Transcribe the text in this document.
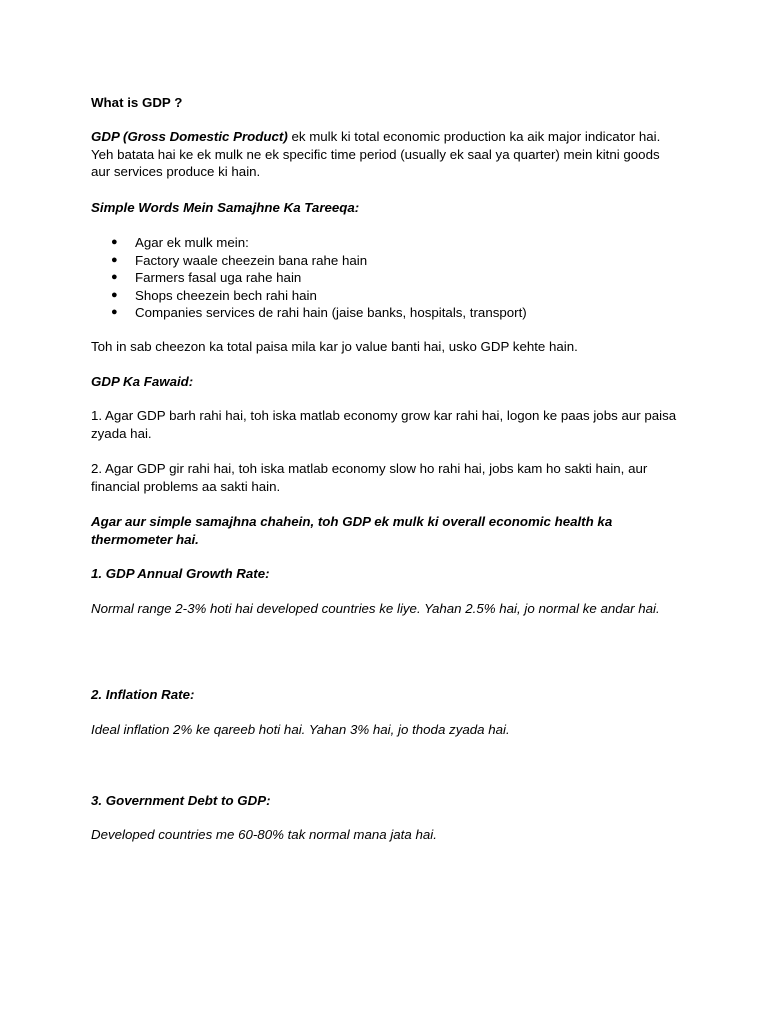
What is GDP ?

GDP (Gross Domestic Product) ek mulk ki total economic production ka aik major indicator hai. Yeh batata hai ke ek mulk ne ek specific time period (usually ek saal ya quarter) mein kitni goods aur services produce ki hain.

Simple Words Mein Samajhne Ka Tareeqa:

● Agar ek mulk mein:
● Factory waale cheezein bana rahe hain
● Farmers fasal uga rahe hain
● Shops cheezein bech rahi hain
● Companies services de rahi hain (jaise banks, hospitals, transport)

Toh in sab cheezon ka total paisa mila kar jo value banti hai, usko GDP kehte hain.

GDP Ka Fawaid:

1. Agar GDP barh rahi hai, toh iska matlab economy grow kar rahi hai, logon ke paas jobs aur paisa zyada hai.

2. Agar GDP gir rahi hai, toh iska matlab economy slow ho rahi hai, jobs kam ho sakti hain, aur financial problems aa sakti hain.

Agar aur simple samajhna chahein, toh GDP ek mulk ki overall economic health ka thermometer hai.

1. GDP Annual Growth Rate:

Normal range 2-3% hoti hai developed countries ke liye. Yahan 2.5% hai, jo normal ke andar hai.

2. Inflation Rate:

Ideal inflation 2% ke qareeb hoti hai. Yahan 3% hai, jo thoda zyada hai.

3. Government Debt to GDP:

Developed countries me 60-80% tak normal mana jata hai.
